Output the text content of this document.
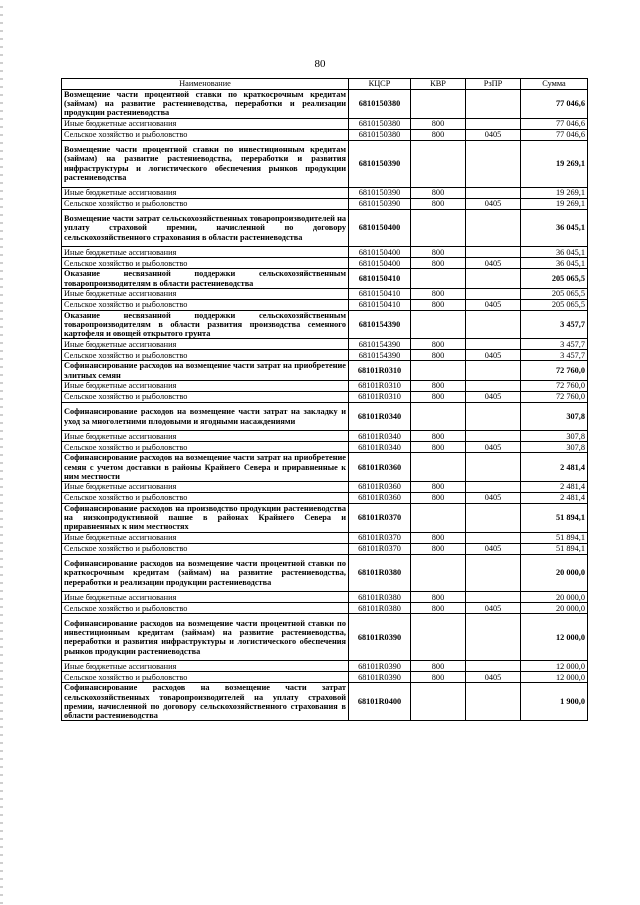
80
Наименование	КЦСР	КВР	РзПР	Сумма
Возмещение части процентной ставки по краткосрочным кредитам (займам) на развитие растениеводства, переработки и реализации продукции растениеводства	6810150380			77 046,6
Иные бюджетные ассигнования	6810150380	800		77 046,6
Сельское хозяйство и рыболовство	6810150380	800	0405	77 046,6
Возмещение части процентной ставки по инвестиционным кредитам (займам) на развитие растениеводства, переработки и развития инфраструктуры и логистического обеспечения рынков продукции растениеводства	6810150390			19 269,1
Иные бюджетные ассигнования	6810150390	800		19 269,1
Сельское хозяйство и рыболовство	6810150390	800	0405	19 269,1
Возмещение части затрат сельскохозяйственных товаропроизводителей на уплату страховой премии, начисленной по договору сельскохозяйственного страхования в области растениеводства	6810150400			36 045,1
Иные бюджетные ассигнования	6810150400	800		36 045,1
Сельское хозяйство и рыболовство	6810150400	800	0405	36 045,1
Оказание несвязанной поддержки сельскохозяйственным товаропроизводителям в области растениеводства	6810150410			205 065,5
Иные бюджетные ассигнования	6810150410	800		205 065,5
Сельское хозяйство и рыболовство	6810150410	800	0405	205 065,5
Оказание несвязанной поддержки сельскохозяйственным товаропроизводителям в области развития производства семенного картофеля и овощей открытого грунта	6810154390			3 457,7
Иные бюджетные ассигнования	6810154390	800		3 457,7
Сельское хозяйство и рыболовство	6810154390	800	0405	3 457,7
Софинансирование расходов на возмещение части затрат на приобретение элитных семян	68101R0310			72 760,0
Иные бюджетные ассигнования	68101R0310	800		72 760,0
Сельское хозяйство и рыболовство	68101R0310	800	0405	72 760,0
Софинансирование расходов на возмещение части затрат на закладку и уход за многолетними плодовыми и ягодными насаждениями	68101R0340			307,8
Иные бюджетные ассигнования	68101R0340	800		307,8
Сельское хозяйство и рыболовство	68101R0340	800	0405	307,8
Софинансирование расходов на возмещение части затрат на приобретение семян с учетом доставки в районы Крайнего Севера и приравненные к ним местности	68101R0360			2 481,4
Иные бюджетные ассигнования	68101R0360	800		2 481,4
Сельское хозяйство и рыболовство	68101R0360	800	0405	2 481,4
Софинансирование расходов на производство продукции растениеводства на низкопродуктивной пашне в районах Крайнего Севера и приравненных к ним местностях	68101R0370			51 894,1
Иные бюджетные ассигнования	68101R0370	800		51 894,1
Сельское хозяйство и рыболовство	68101R0370	800	0405	51 894,1
Софинансирование расходов на возмещение части процентной ставки по краткосрочным кредитам (займам) на развитие растениеводства, переработки и реализации продукции растениеводства	68101R0380			20 000,0
Иные бюджетные ассигнования	68101R0380	800		20 000,0
Сельское хозяйство и рыболовство	68101R0380	800	0405	20 000,0
Софинансирование расходов на возмещение части процентной ставки по инвестиционным кредитам (займам) на развитие растениеводства, переработки и развития инфраструктуры и логистического обеспечения рынков продукции растениеводства	68101R0390			12 000,0
Иные бюджетные ассигнования	68101R0390	800		12 000,0
Сельское хозяйство и рыболовство	68101R0390	800	0405	12 000,0
Софинансирование расходов на возмещение части затрат сельскохозяйственных товаропроизводителей на уплату страховой премии, начисленной по договору сельскохозяйственного страхования в области растениеводства	68101R0400			1 900,0
